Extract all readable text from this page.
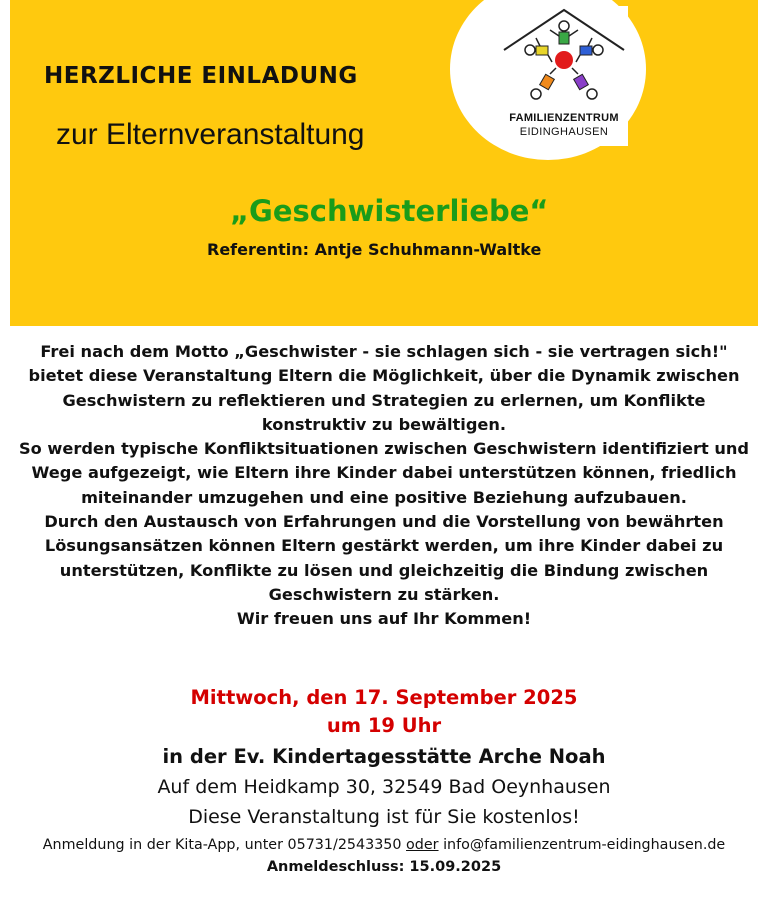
FAMILIENZENTRUM
EIDINGHAUSEN
HERZLICHE EINLADUNG
zur Elternveranstaltung
„Geschwisterliebe“
Referentin: Antje Schuhmann-Waltke
Frei nach dem Motto „Geschwister - sie schlagen sich - sie vertragen sich!"
bietet diese Veranstaltung Eltern die Möglichkeit, über die Dynamik zwischen
Geschwistern zu reflektieren und Strategien zu erlernen, um Konflikte
konstruktiv zu bewältigen.
So werden typische Konfliktsituationen zwischen Geschwistern identifiziert und
Wege aufgezeigt, wie Eltern ihre Kinder dabei unterstützen können, friedlich
miteinander umzugehen und eine positive Beziehung aufzubauen.
Durch den Austausch von Erfahrungen und die Vorstellung von bewährten
Lösungsansätzen können Eltern gestärkt werden, um ihre Kinder dabei zu
unterstützen, Konflikte zu lösen und gleichzeitig die Bindung zwischen
Geschwistern zu stärken.
Wir freuen uns auf Ihr Kommen!
Mittwoch, den 17. September 2025
um 19 Uhr
in der Ev. Kindertagesstätte Arche Noah
Auf dem Heidkamp 30, 32549 Bad Oeynhausen
Diese Veranstaltung ist für Sie kostenlos!
Anmeldung in der Kita-App, unter 05731/2543350 oder info@familienzentrum-eidinghausen.de
Anmeldeschluss: 15.09.2025
